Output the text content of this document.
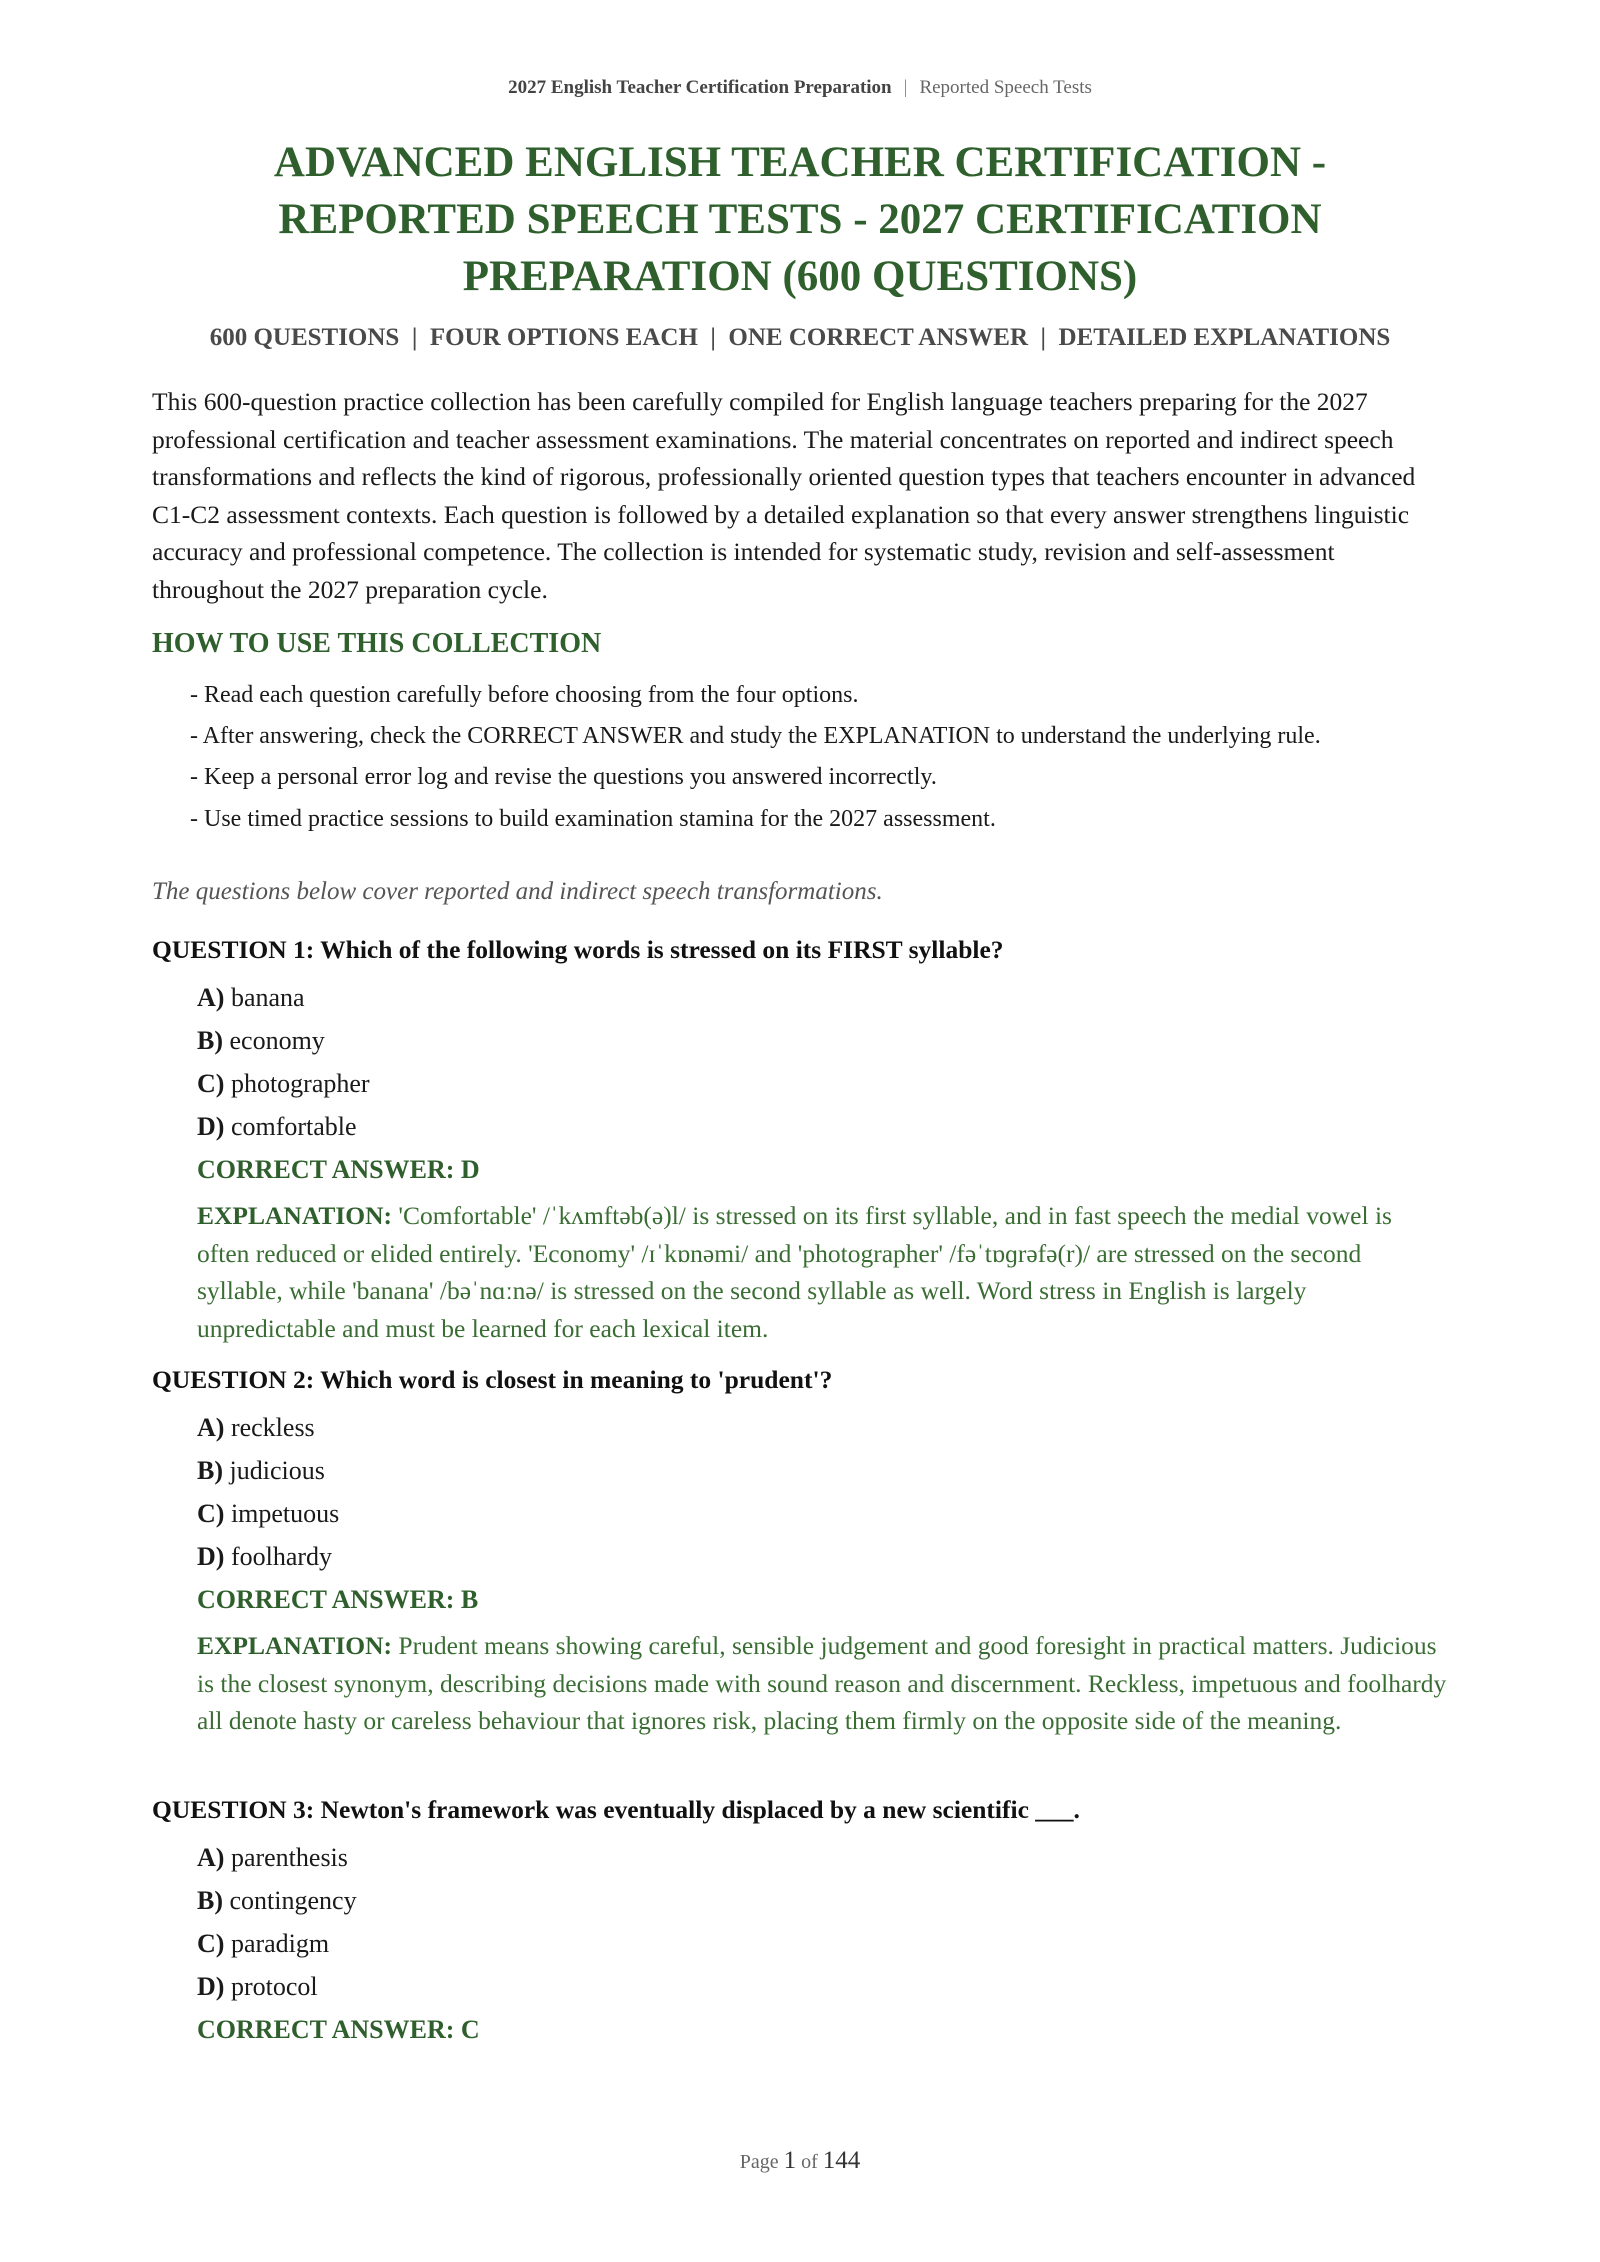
2027 English Teacher Certification Preparation | Reported Speech Tests
ADVANCED ENGLISH TEACHER CERTIFICATION - REPORTED SPEECH TESTS - 2027 CERTIFICATION PREPARATION (600 QUESTIONS)
600 QUESTIONS  |  FOUR OPTIONS EACH  |  ONE CORRECT ANSWER  |  DETAILED EXPLANATIONS

This 600-question practice collection has been carefully compiled for English language teachers preparing for the 2027 professional certification and teacher assessment examinations. The material concentrates on reported and indirect speech transformations and reflects the kind of rigorous, professionally oriented question types that teachers encounter in advanced C1-C2 assessment contexts. Each question is followed by a detailed explanation so that every answer strengthens linguistic accuracy and professional competence. The collection is intended for systematic study, revision and self-assessment throughout the 2027 preparation cycle.

HOW TO USE THIS COLLECTION
- Read each question carefully before choosing from the four options.
- After answering, check the CORRECT ANSWER and study the EXPLANATION to understand the underlying rule.
- Keep a personal error log and revise the questions you answered incorrectly.
- Use timed practice sessions to build examination stamina for the 2027 assessment.
The questions below cover reported and indirect speech transformations.

QUESTION 1: Which of the following words is stressed on its FIRST syllable?

A) banana
B) economy
C) photographer
D) comfortable
CORRECT ANSWER: D
EXPLANATION: 'Comfortable' /ˈkʌmftəb(ə)l/ is stressed on its first syllable, and in fast speech the medial vowel is often reduced or elided entirely. 'Economy' /ɪˈkɒnəmi/ and 'photographer' /fəˈtɒɡrəfə(r)/ are stressed on the second syllable, while 'banana' /bəˈnɑːnə/ is stressed on the second syllable as well. Word stress in English is largely unpredictable and must be learned for each lexical item.

QUESTION 2: Which word is closest in meaning to 'prudent'?

A) reckless
B) judicious
C) impetuous
D) foolhardy
CORRECT ANSWER: B
EXPLANATION: Prudent means showing careful, sensible judgement and good foresight in practical matters. Judicious is the closest synonym, describing decisions made with sound reason and discernment. Reckless, impetuous and foolhardy all denote hasty or careless behaviour that ignores risk, placing them firmly on the opposite side of the meaning.

QUESTION 3: Newton's framework was eventually displaced by a new scientific ___.

A) parenthesis
B) contingency
C) paradigm
D) protocol
CORRECT ANSWER: C
Page 1 of 144
